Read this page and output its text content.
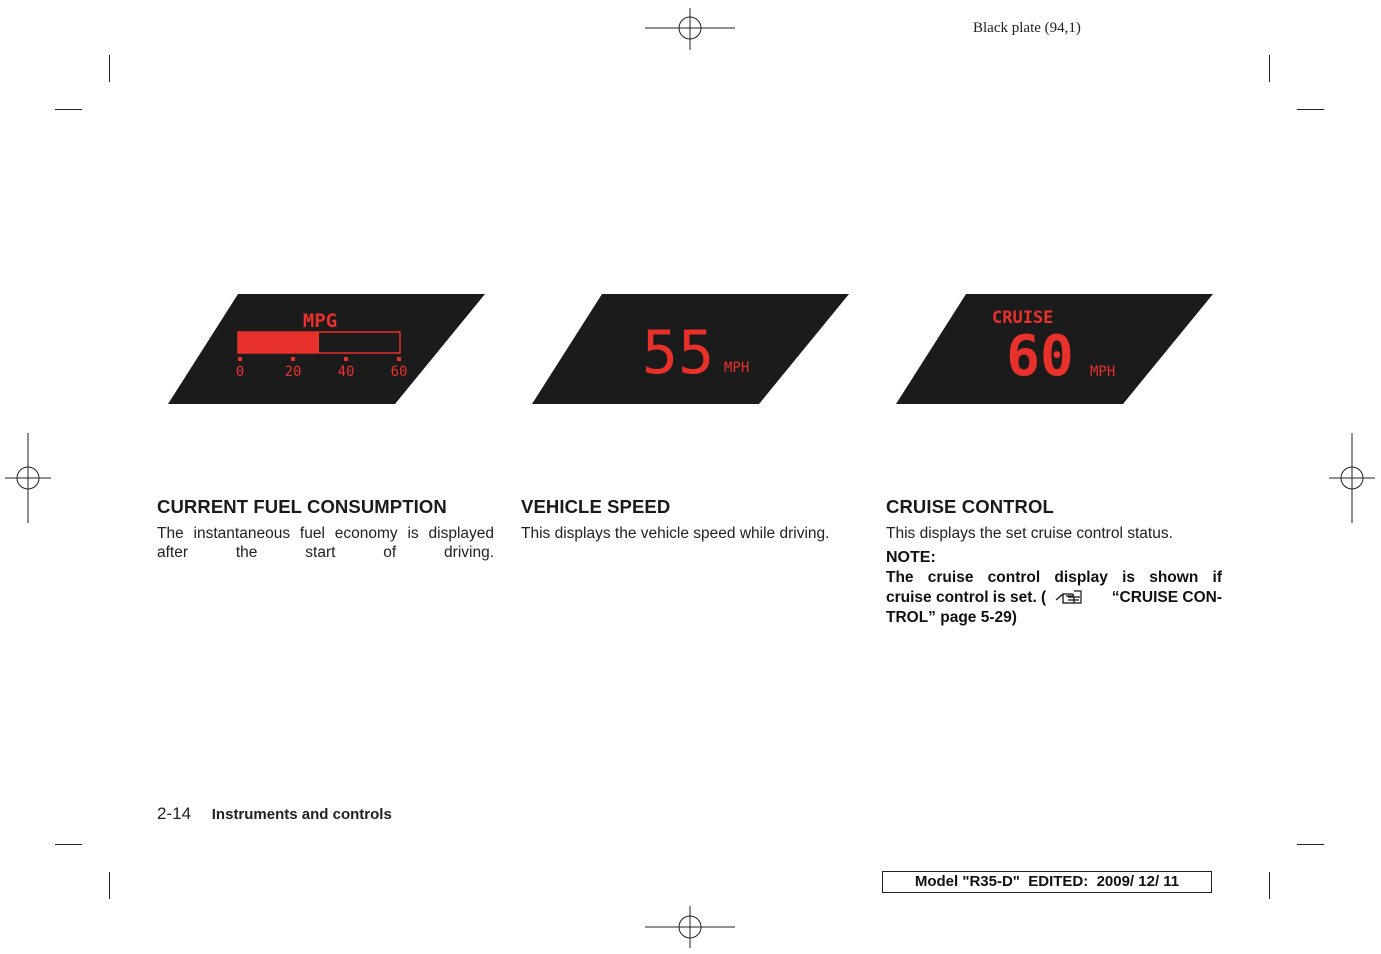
Black plate (94,1)
MPG
0	20	40	60	55 MPH
CRUISE
60 MPH
CURRENT FUEL CONSUMPTION
The instantaneous fuel economy is displayed after the start of driving.
VEHICLE SPEED
This displays the vehicle speed while driving.
CRUISE CONTROL
This displays the set cruise control status.
NOTE:
The cruise control display is shown if
cruise control is set. (	“CRUISE CON-
TROL” page 5-29)
2-14 Instruments and controls
Model "R35-D"  EDITED:  2009/ 12/ 11
